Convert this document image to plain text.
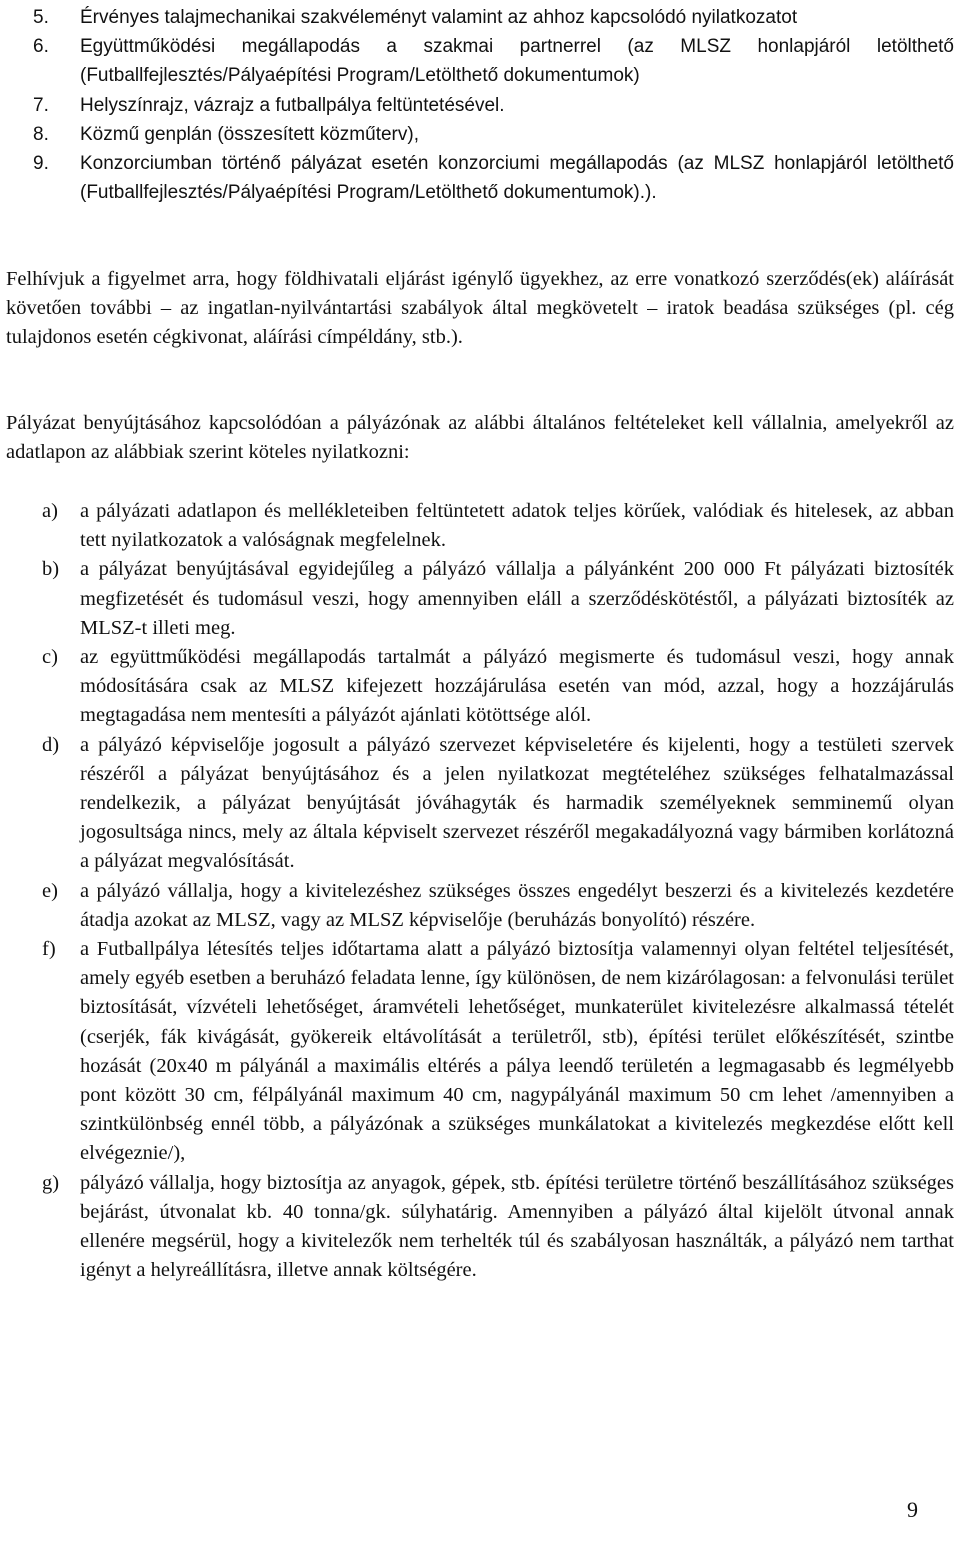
5. Érvényes talajmechanikai szakvéleményt valamint az ahhoz kapcsolódó nyilatkozatot
6. Együttműködési megállapodás a szakmai partnerrel (az MLSZ honlapjáról letölthető (Futballfejlesztés/Pályaépítési Program/Letölthető dokumentumok)
7. Helyszínrajz, vázrajz a futballpálya feltüntetésével.
8. Közmű genplán (összesített közműterv),
9. Konzorciumban történő pályázat esetén konzorciumi megállapodás (az MLSZ honlapjáról letölthető (Futballfejlesztés/Pályaépítési Program/Letölthető dokumentumok).).
Felhívjuk a figyelmet arra, hogy földhivatali eljárást igénylő ügyekhez, az erre vonatkozó szerződés(ek) aláírását követően további – az ingatlan-nyilvántartási szabályok által megkövetelt – iratok beadása szükséges (pl. cég tulajdonos esetén cégkivonat, aláírási címpéldány, stb.).
Pályázat benyújtásához kapcsolódóan a pályázónak az alábbi általános feltételeket kell vállalnia, amelyekről az adatlapon az alábbiak szerint köteles nyilatkozni:
a) a pályázati adatlapon és mellékleteiben feltüntetett adatok teljes körűek, valódiak és hitelesek, az abban tett nyilatkozatok a valóságnak megfelelnek.
b) a pályázat benyújtásával egyidejűleg a pályázó vállalja a pályánként 200 000 Ft pályázati biztosíték megfizetését és tudomásul veszi, hogy amennyiben eláll a szerződéskötéstől, a pályázati biztosíték az MLSZ-t illeti meg.
c) az együttműködési megállapodás tartalmát a pályázó megismerte és tudomásul veszi, hogy annak módosítására csak az MLSZ kifejezett hozzájárulása esetén van mód, azzal, hogy a hozzájárulás megtagadása nem mentesíti a pályázót ajánlati kötöttsége alól.
d) a pályázó képviselője jogosult a pályázó szervezet képviseletére és kijelenti, hogy a testületi szervek részéről a pályázat benyújtásához és a jelen nyilatkozat megtételéhez szükséges felhatalmazással rendelkezik, a pályázat benyújtását jóváhagyták és harmadik személyeknek semminemű olyan jogosultsága nincs, mely az általa képviselt szervezet részéről megakadályozná vagy bármiben korlátozná a pályázat megvalósítását.
e) a pályázó vállalja, hogy a kivitelezéshez szükséges összes engedélyt beszerzi és a kivitelezés kezdetére átadja azokat az MLSZ, vagy az MLSZ képviselője (beruházás bonyolító) részére.
f) a Futballpálya létesítés teljes időtartama alatt a pályázó biztosítja valamennyi olyan feltétel teljesítését, amely egyéb esetben a beruházó feladata lenne, így különösen, de nem kizárólagosan: a felvonulási terület biztosítását, vízvételi lehetőséget, áramvételi lehetőséget, munkaterület kivitelezésre alkalmassá tételét (cserjék, fák kivágását, gyökereik eltávolítását a területről, stb), építési terület előkészítését, szintbe hozását (20x40 m pályánál a maximális eltérés a pálya leendő területén a legmagasabb és legmélyebb pont között 30 cm, félpályánál maximum 40 cm, nagypályánál maximum 50 cm lehet /amennyiben a szintkülönbség ennél több, a pályázónak a szükséges munkálatokat a kivitelezés megkezdése előtt kell elvégeznie/),
g) pályázó vállalja, hogy biztosítja az anyagok, gépek, stb. építési területre történő beszállításához szükséges bejárást, útvonalat kb. 40 tonna/gk. súlyhatárig. Amennyiben a pályázó által kijelölt útvonal annak ellenére megsérül, hogy a kivitelezők nem terhelték túl és szabályosan használták, a pályázó nem tarthat igényt a helyreállításra, illetve annak költségére.
9
